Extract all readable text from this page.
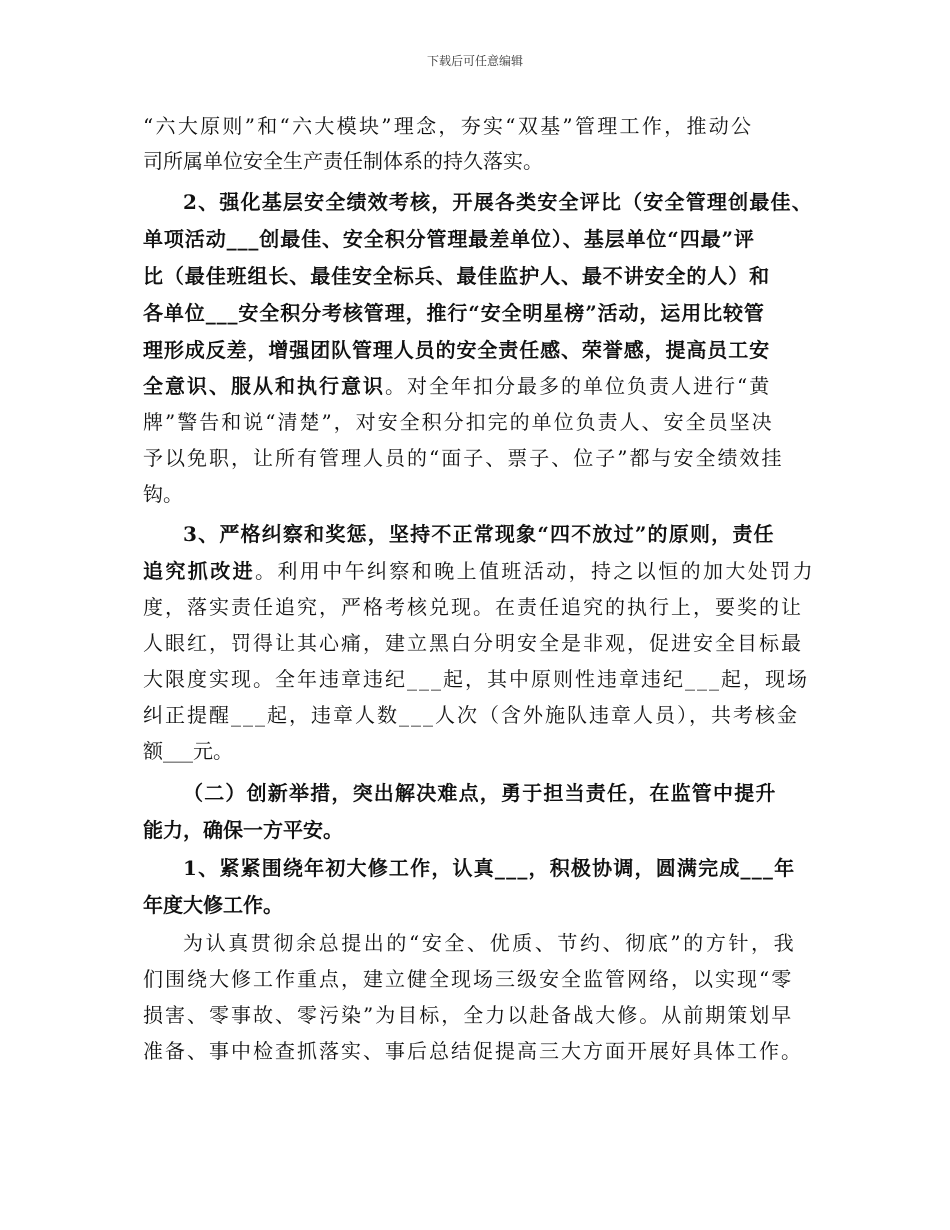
下载后可任意编辑
“六大原则”和“六大模块”理念，夯实“双基”管理工作，推动公
司所属单位安全生产责任制体系的持久落实。
2、强化基层安全绩效考核，开展各类安全评比（安全管理创最佳、
单项活动___创最佳、安全积分管理最差单位）、基层单位“四最”评
比（最佳班组长、最佳安全标兵、最佳监护人、最不讲安全的人）和
各单位___安全积分考核管理，推行“安全明星榜”活动，运用比较管
理形成反差，增强团队管理人员的安全责任感、荣誉感，提高员工安
全意识、服从和执行意识。对全年扣分最多的单位负责人进行“黄
牌”警告和说“清楚”，对安全积分扣完的单位负责人、安全员坚决
予以免职，让所有管理人员的“面子、票子、位子”都与安全绩效挂
钩。
3、严格纠察和奖惩，坚持不正常现象“四不放过”的原则，责任
追究抓改进。利用中午纠察和晚上值班活动，持之以恒的加大处罚力
度，落实责任追究，严格考核兑现。在责任追究的执行上，要奖的让
人眼红，罚得让其心痛，建立黑白分明安全是非观，促进安全目标最
大限度实现。全年违章违纪___起，其中原则性违章违纪___起，现场
纠正提醒___起，违章人数___人次（含外施队违章人员），共考核金
额___元。
（二）创新举措，突出解决难点，勇于担当责任，在监管中提升
能力，确保一方平安。
1、紧紧围绕年初大修工作，认真___，积极协调，圆满完成___年
年度大修工作。
为认真贯彻余总提出的“安全、优质、节约、彻底”的方针，我
们围绕大修工作重点，建立健全现场三级安全监管网络，以实现“零
损害、零事故、零污染”为目标，全力以赴备战大修。从前期策划早
准备、事中检查抓落实、事后总结促提高三大方面开展好具体工作。
